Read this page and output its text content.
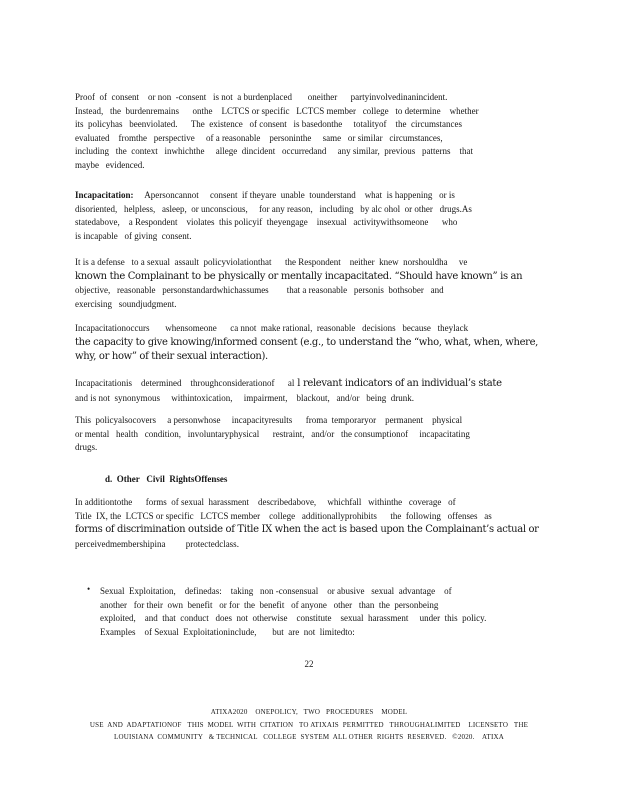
Proof  of  consent    or non  -consent   is not  a burdenplaced       oneither      partyinvolvedinanincident.
Instead,   the  burdenremains      onthe    LCTCS or specific   LCTCS member   college   to determine    whether
its  policyhas   beenviolated.      The  existence   of consent   is basedonthe     totalityof    the  circumstances
evaluated    fromthe   perspective     of a reasonable    personinthe     same   or similar   circumstances,
including   the  context   inwhichthe     allege  dincident   occurredand     any similar,  previous   patterns    that
maybe   evidenced.
Incapacitation:     Apersoncannot     consent  if theyare  unable  tounderstand    what  is happening   or is
disoriented,   helpless,   asleep,  or unconscious,     for any reason,   including   by alc ohol  or other   drugs.As
statedabove,    a Respondent    violates  this policyif  theyengage    insexual   activitywithsomeone      who
is incapable   of giving  consent.
It is a defense   to a sexual  assault  policyviolationthat      the Respondent    neither  knew  norshouldha     ve
known the Complainant to be physically or mentally incapacitated. “Should have known” is an
objective,   reasonable   personstandardwhichassumes        that a reasonable   personis  bothsober   and
exercising   soundjudgment.
Incapacitationoccurs       whensomeone      ca nnot  make rational,  reasonable   decisions   because   theylack
the capacity to give knowing/informed consent (e.g., to understand the “who, what, when, where,
why, or how” of their sexual interaction).
Incapacitationis    determined    throughconsiderationof      al l relevant indicators of an individual’s state
and is not  synonymous     withintoxication,     impairment,    blackout,   and/or   being  drunk.
This  policyalsocovers     a personwhose     incapacityresults      froma  temporaryor    permanent    physical
or mental   health   condition,   involuntaryphysical      restraint,   and/or   the consumptionof     incapacitating
drugs.
d.  Other   Civil  RightsOffenses
In additiontothe      forms  of sexual  harassment    describedabove,     whichfall   withinthe   coverage   of
Title  IX, the  LCTCS or specific   LCTCS member    college   additionallyprohibits      the  following   offenses   as
forms of discrimination outside of Title IX when the act is based upon the Complainant’s actual or
perceivedmembershipina         protectedclass.
• Sexual  Exploitation,    definedas:    taking   non -consensual    or abusive   sexual  advantage    of
another   for their  own  benefit   or for  the  benefit   of anyone   other   than  the  personbeing
exploited,    and  that  conduct   does  not  otherwise    constitute    sexual  harassment     under  this  policy.
Examples    of Sexual  Exploitationinclude,       but  are  not  limitedto:
22
ATIXA2020    ONEPOLICY,   TWO   PROCEDURES    MODEL
USE  AND  ADAPTATIONOF   THIS  MODEL  WITH  CITATION   TO ATIXAIS  PERMITTED   THROUGHALIMITED    LICENSETO   THE
LOUISIANA  COMMUNITY   & TECHNICAL   COLLEGE  SYSTEM  ALL OTHER  RIGHTS  RESERVED.   ©2020.    ATIXA
